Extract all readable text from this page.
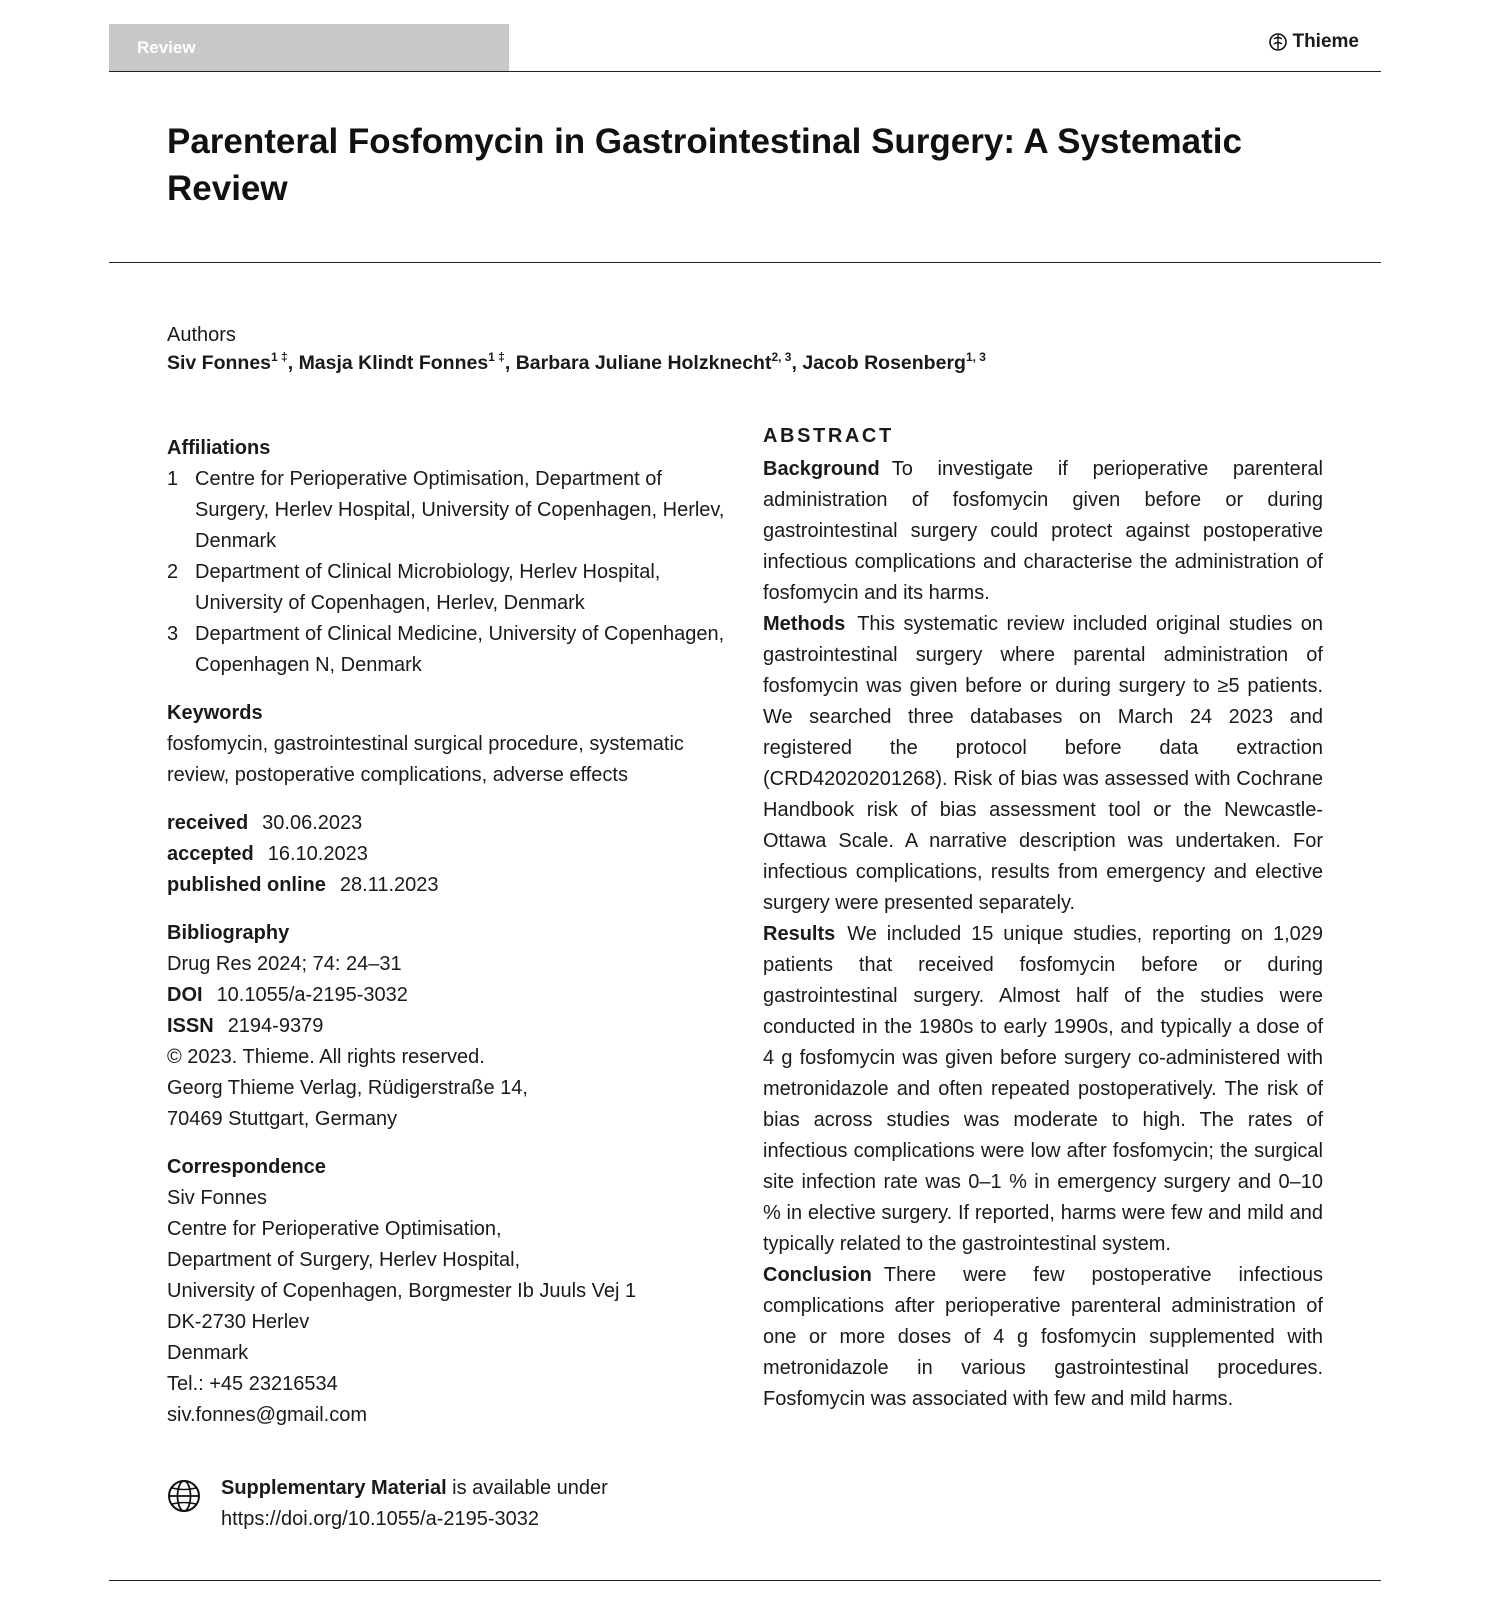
Review	Thieme
Parenteral Fosfomycin in Gastrointestinal Surgery: A Systematic Review
Authors
Siv Fonnes$^{1 \ddagger}$, Masja Klindt Fonnes$^{1 \ddagger}$, Barbara Juliane Holzknecht$^{2, 3}$, Jacob Rosenberg$^{1, 3}$
Affiliations
1 Centre for Perioperative Optimisation, Department of Surgery, Herlev Hospital, University of Copenhagen, Herlev, Denmark
2 Department of Clinical Microbiology, Herlev Hospital, University of Copenhagen, Herlev, Denmark
3 Department of Clinical Medicine, University of Copenhagen, Copenhagen N, Denmark
Keywords
fosfomycin, gastrointestinal surgical procedure, systematic review, postoperative complications, adverse effects
received 30.06.2023
accepted 16.10.2023
published online 28.11.2023
Bibliography
Drug Res 2024; 74: 24–31
DOI 10.1055/a-2195-3032
ISSN 2194-9379
© 2023. Thieme. All rights reserved.
Georg Thieme Verlag, Rüdigerstraße 14,
70469 Stuttgart, Germany
Correspondence
Siv Fonnes
Centre for Perioperative Optimisation,
Department of Surgery, Herlev Hospital,
University of Copenhagen, Borgmester Ib Juuls Vej 1
DK-2730 Herlev
Denmark
Tel.: +45 23216534
siv.fonnes@gmail.com
Supplementary Material is available under
https://doi.org/10.1055/a-2195-3032
ABSTRACT

Background To investigate if perioperative parenteral administration of fosfomycin given before or during gastrointestinal surgery could protect against postoperative infectious complications and characterise the administration of fosfomycin and its harms.

Methods This systematic review included original studies on gastrointestinal surgery where parental administration of fosfomycin was given before or during surgery to ≥5 patients. We searched three databases on March 24 2023 and registered the protocol before data extraction (CRD42020201268). Risk of bias was assessed with Cochrane Handbook risk of bias assessment tool or the Newcastle-Ottawa Scale. A narrative description was undertaken. For infectious complications, results from emergency and elective surgery were presented separately.

Results We included 15 unique studies, reporting on 1,029 patients that received fosfomycin before or during gastrointestinal surgery. Almost half of the studies were conducted in the 1980s to early 1990s, and typically a dose of 4 g fosfomycin was given before surgery co-administered with metronidazole and often repeated postoperatively. The risk of bias across studies was moderate to high. The rates of infectious complications were low after fosfomycin; the surgical site infection rate was 0–1 % in emergency surgery and 0–10 % in elective surgery. If reported, harms were few and mild and typically related to the gastrointestinal system.

Conclusion There were few postoperative infectious complications after perioperative parenteral administration of one or more doses of 4 g fosfomycin supplemented with metronidazole in various gastrointestinal procedures. Fosfomycin was associated with few and mild harms.
